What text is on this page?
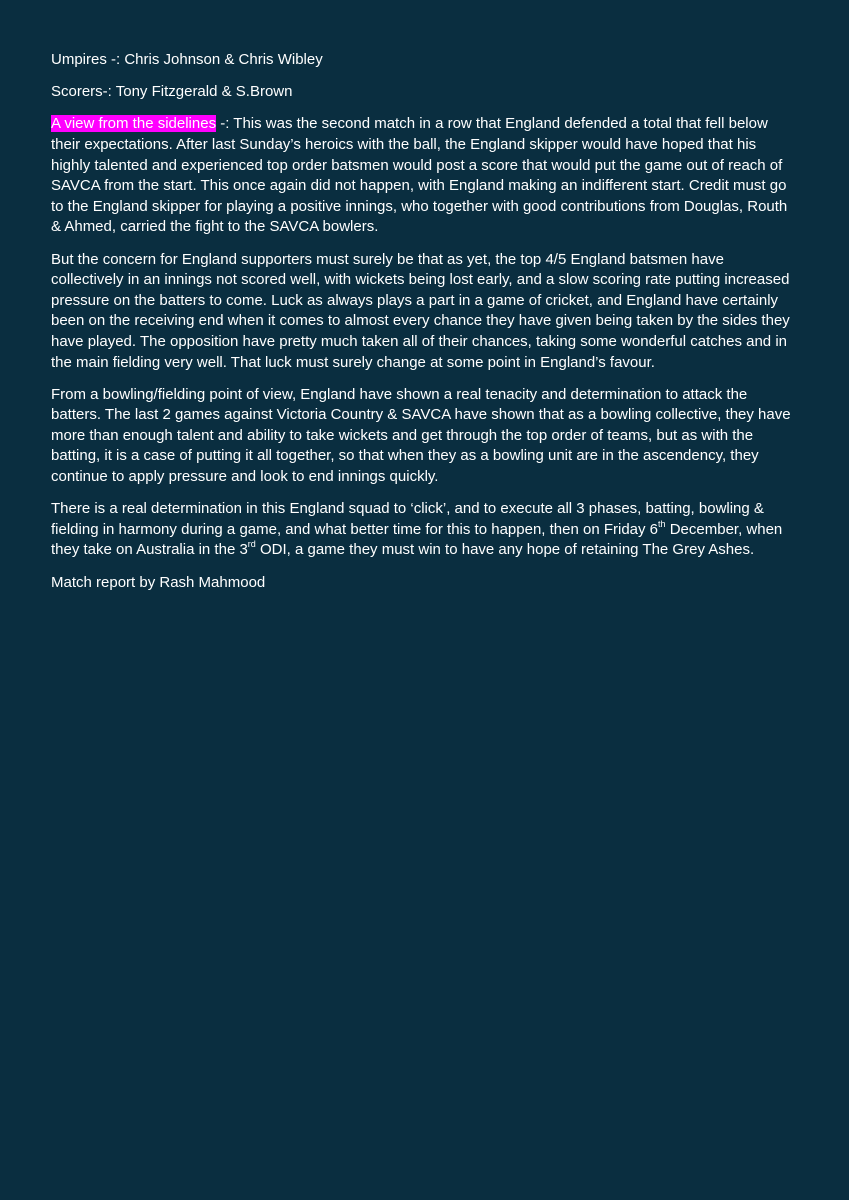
Umpires -: Chris Johnson & Chris Wibley

Scorers-: Tony Fitzgerald & S.Brown

A view from the sidelines -: This was the second match in a row that England defended a total that fell below their expectations. After last Sunday’s heroics with the ball, the England skipper would have hoped that his highly talented and experienced top order batsmen would post a score that would put the game out of reach of SAVCA from the start. This once again did not happen, with England making an indifferent start. Credit must go to the England skipper for playing a positive innings, who together with good contributions from Douglas, Routh & Ahmed, carried the fight to the SAVCA bowlers.

But the concern for England supporters must surely be that as yet, the top 4/5 England batsmen have collectively in an innings not scored well, with wickets being lost early, and a slow scoring rate putting increased pressure on the batters to come. Luck as always plays a part in a game of cricket, and England have certainly been on the receiving end when it comes to almost every chance they have given being taken by the sides they have played. The opposition have pretty much taken all of their chances, taking some wonderful catches and in the main fielding very well. That luck must surely change at some point in England’s favour.

From a bowling/fielding point of view, England have shown a real tenacity and determination to attack the batters. The last 2 games against Victoria Country & SAVCA have shown that as a bowling collective, they have more than enough talent and ability to take wickets and get through the top order of teams, but as with the batting, it is a case of putting it all together, so that when they as a bowling unit are in the ascendency, they continue to apply pressure and look to end innings quickly.

There is a real determination in this England squad to ‘click’, and to execute all 3 phases, batting, bowling & fielding in harmony during a game, and what better time for this to happen, then on Friday 6th December, when they take on Australia in the 3rd ODI, a game they must win to have any hope of retaining The Grey Ashes.

Match report by Rash Mahmood
